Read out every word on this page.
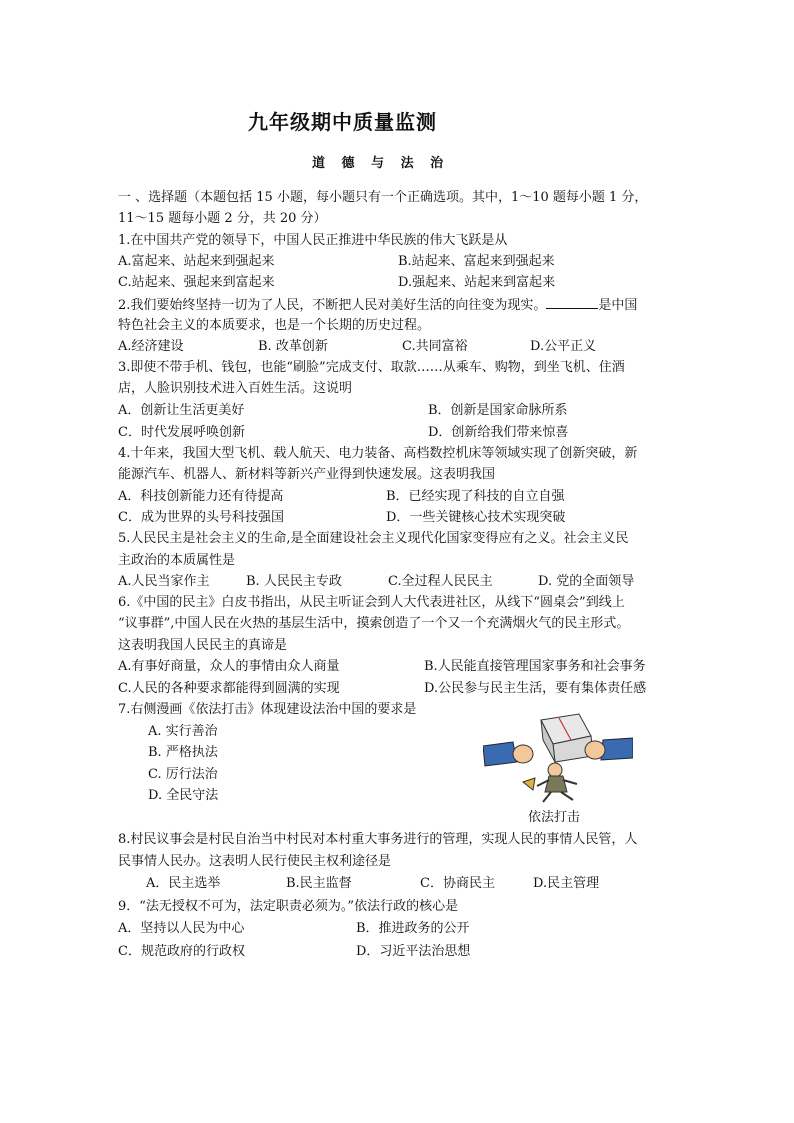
九年级期中质量监测
道 德 与 法 治
一 、选择题（本题包括 15 小题，每小题只有一个正确选项。其中，1～10 题每小题 1 分，
11～15 题每小题 2 分，共 20 分）
1.在中国共产党的领导下，中国人民正推进中华民族的伟大飞跃是从
A.富起来、站起来到强起来	B.站起来、富起来到强起来
C.站起来、强起来到富起来	D.强起来、站起来到富起来
2.我们要始终坚持一切为了人民，不断把人民对美好生活的向往变为现实。	是中国
特色社会主义的本质要求，也是一个长期的历史过程。
A.经济建设	B. 改革创新	C.共同富裕	D.公平正义
3.即使不带手机、钱包，也能“刷脸”完成支付、取款……从乘车、购物，到坐飞机、住酒
店，人脸识别技术进入百姓生活。这说明
A．创新让生活更美好	B．创新是国家命脉所系
C．时代发展呼唤创新	D．创新给我们带来惊喜
4.十年来，我国大型飞机、载人航天、电力装备、高档数控机床等领域实现了创新突破，新
能源汽车、机器人、新材料等新兴产业得到快速发展。这表明我国
A．科技创新能力还有待提高	B．已经实现了科技的自立自强
C．成为世界的头号科技强国	D．一些关键核心技术实现突破
5.人民民主是社会主义的生命,是全面建设社会主义现代化国家变得应有之义。社会主义民
主政治的本质属性是
A.人民当家作主	B. 人民民主专政	C.全过程人民民主	D. 党的全面领导
6.《中国的民主》白皮书指出，从民主听证会到人大代表进社区，从线下“圆桌会”到线上
“议事群”,中国人民在火热的基层生活中，摸索创造了一个又一个充满烟火气的民主形式。
这表明我国人民民主的真谛是
A.有事好商量，众人的事情由众人商量	B.人民能直接管理国家事务和社会事务
C.人民的各种要求都能得到圆满的实现	D.公民参与民主生活，要有集体责任感
7.右侧漫画《依法打击》体现建设法治中国的要求是
A. 实行善治
B. 严格执法
C. 厉行法治
D. 全民守法
依法打击
8.村民议事会是村民自治当中村民对本村重大事务进行的管理，实现人民的事情人民管，人
民事情人民办。这表明人民行使民主权利途径是
A．民主选举	B.民主监督	C．协商民主	D.民主管理
9．“法无授权不可为，法定职责必须为。”依法行政的核心是
A．坚持以人民为中心	B．推进政务的公开
C．规范政府的行政权	D．习近平法治思想
